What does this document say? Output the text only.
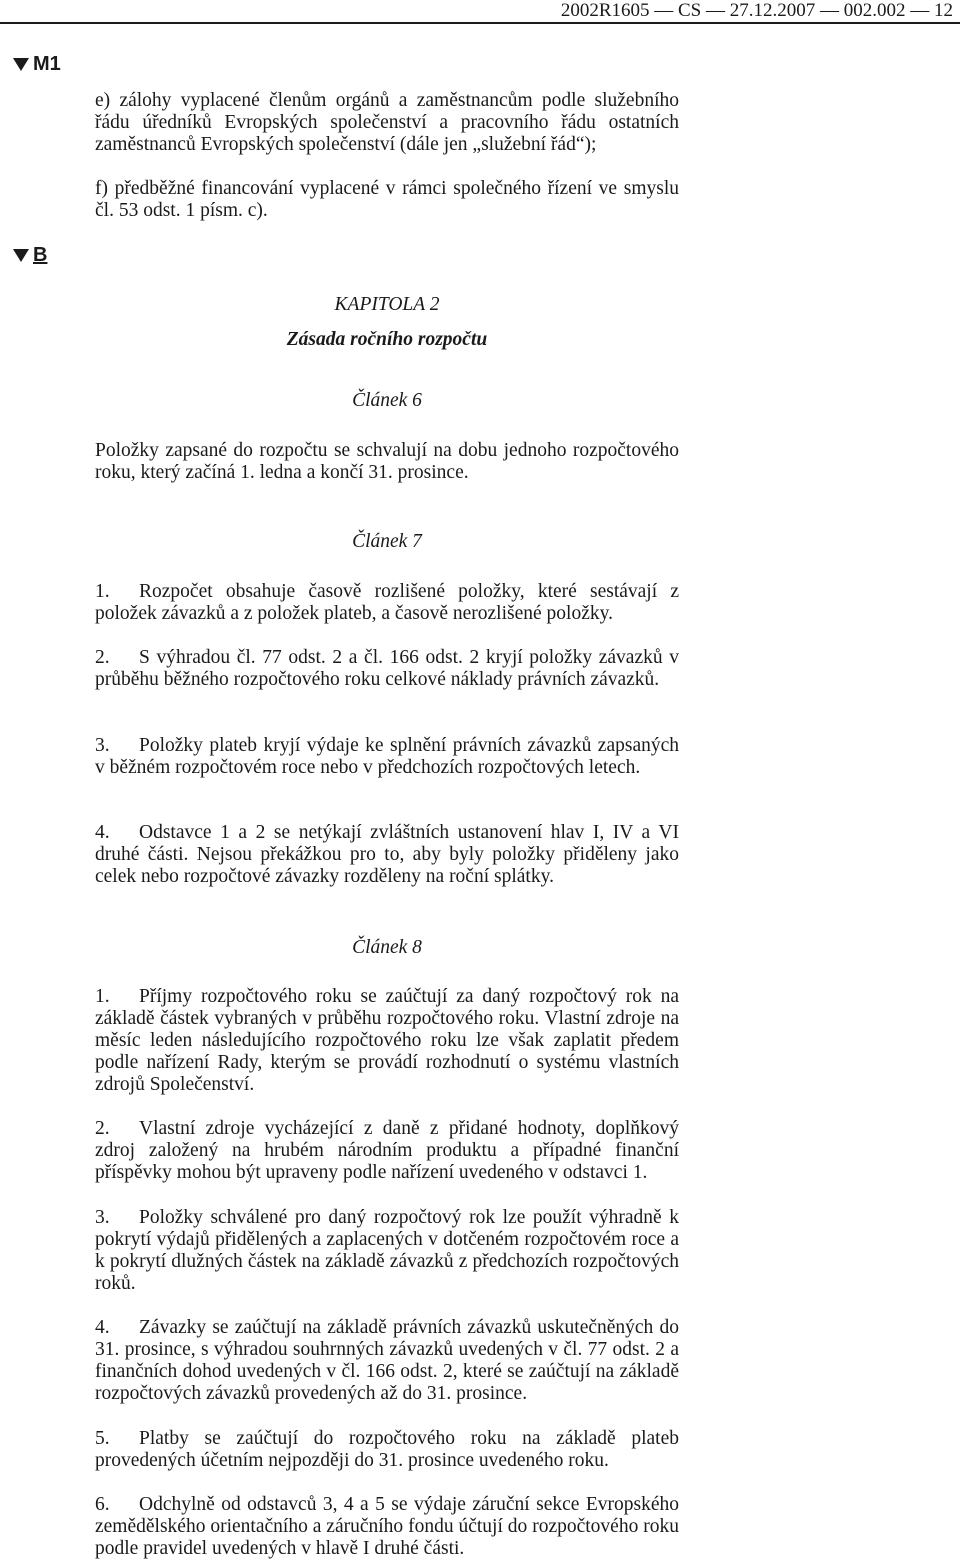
2002R1605 — CS — 27.12.2007 — 002.002 — 12
M1
B
e) zálohy vyplacené členům orgánů a zaměstnancům podle služebního řádu úředníků Evropských společenství a pracovního řádu ostatních zaměstnanců Evropských společenství (dále jen „služební řád“);
f) předběžné financování vyplacené v rámci společného řízení ve smyslu čl. 53 odst. 1 písm. c).
KAPITOLA 2
Zásada ročního rozpočtu
Článek 6
Položky zapsané do rozpočtu se schvalují na dobu jednoho rozpočtového roku, který začíná 1. ledna a končí 31. prosince.
Článek 7
1. Rozpočet obsahuje časově rozlišené položky, které sestávají z položek závazků a z položek plateb, a časově nerozlišené položky.
2. S výhradou čl. 77 odst. 2 a čl. 166 odst. 2 kryjí položky závazků v průběhu běžného rozpočtového roku celkové náklady právních závazků.
3. Položky plateb kryjí výdaje ke splnění právních závazků zapsaných v běžném rozpočtovém roce nebo v předchozích rozpočtových letech.
4. Odstavce 1 a 2 se netýkají zvláštních ustanovení hlav I, IV a VI druhé části. Nejsou překážkou pro to, aby byly položky přiděleny jako celek nebo rozpočtové závazky rozděleny na roční splátky.
Článek 8
1. Příjmy rozpočtového roku se zaúčtují za daný rozpočtový rok na základě částek vybraných v průběhu rozpočtového roku. Vlastní zdroje na měsíc leden následujícího rozpočtového roku lze však zaplatit předem podle nařízení Rady, kterým se provádí rozhodnutí o systému vlastních zdrojů Společenství.
2. Vlastní zdroje vycházející z daně z přidané hodnoty, doplňkový zdroj založený na hrubém národním produktu a případné finanční příspěvky mohou být upraveny podle nařízení uvedeného v odstavci 1.
3. Položky schválené pro daný rozpočtový rok lze použít výhradně k pokrytí výdajů přidělených a zaplacených v dotčeném rozpočtovém roce a k pokrytí dlužných částek na základě závazků z předchozích rozpočtových roků.
4. Závazky se zaúčtují na základě právních závazků uskutečněných do 31. prosince, s výhradou souhrnných závazků uvedených v čl. 77 odst. 2 a finančních dohod uvedených v čl. 166 odst. 2, které se zaúčtují na základě rozpočtových závazků provedených až do 31. prosince.
5. Platby se zaúčtují do rozpočtového roku na základě plateb provedených účetním nejpozději do 31. prosince uvedeného roku.
6. Odchylně od odstavců 3, 4 a 5 se výdaje záruční sekce Evropského zemědělského orientačního a záručního fondu účtují do rozpočtového roku podle pravidel uvedených v hlavě I druhé části.
